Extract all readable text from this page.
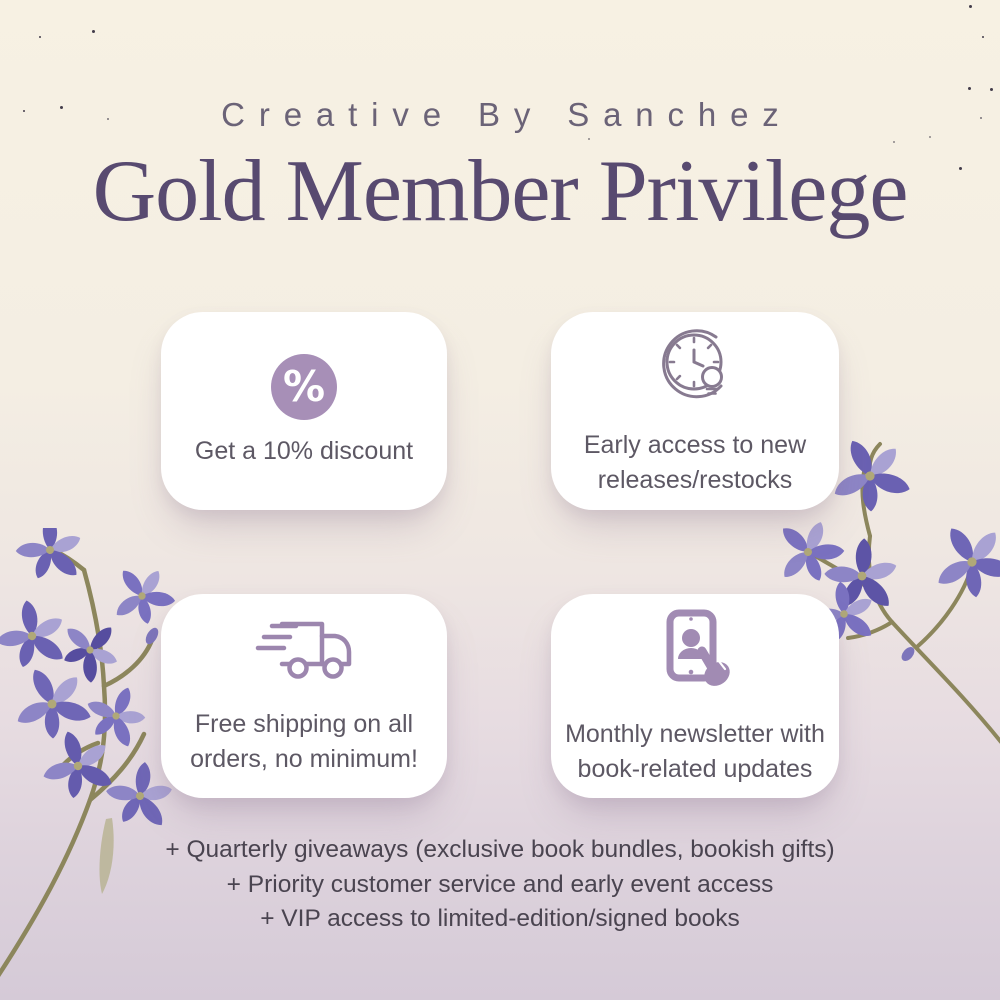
Creative By Sanchez
Gold Member Privilege
%
Get a 10% discount	Early access to new releases/restocks
Free shipping on all orders, no minimum!
Monthly newsletter with book-related updates
+ Quarterly giveaways (exclusive book bundles, bookish gifts)
+ Priority customer service and early event access
+ VIP access to limited-edition/signed books
